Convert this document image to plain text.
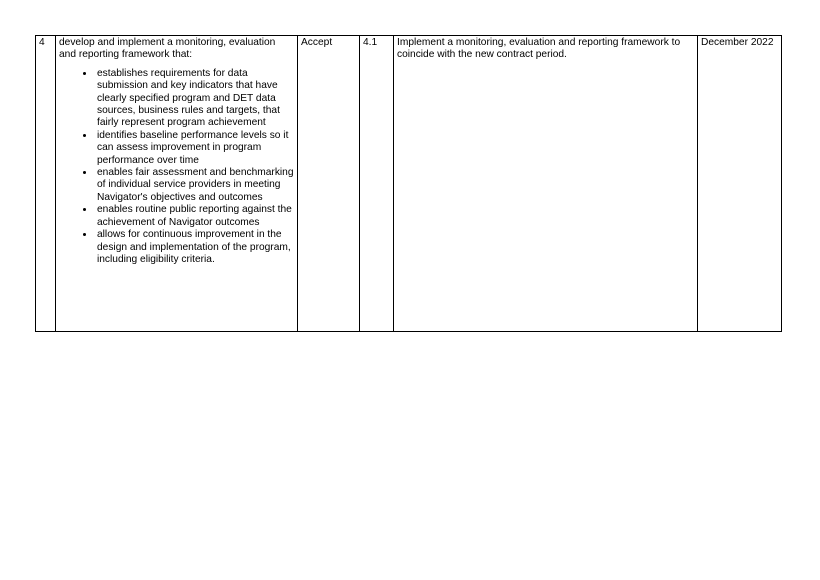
4	develop and implement a monitoring, evaluation and reporting framework that:
• establishes requirements for data submission and key indicators that have clearly specified program and DET data sources, business rules and targets, that fairly represent program achievement
• identifies baseline performance levels so it can assess improvement in program performance over time
• enables fair assessment and benchmarking of individual service providers in meeting Navigator's objectives and outcomes
• enables routine public reporting against the achievement of Navigator outcomes
• allows for continuous improvement in the design and implementation of the program, including eligibility criteria.
	Accept	4.1	Implement a monitoring, evaluation and reporting framework to coincide with the new contract period.	December 2022
